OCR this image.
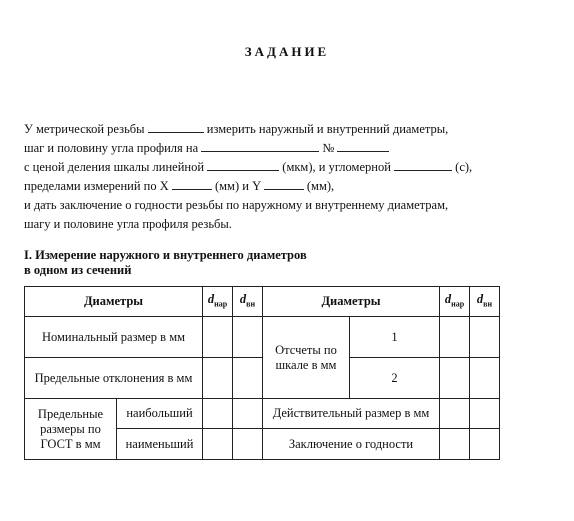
ЗАДАНИЕ
У метрической резьбы	измерить наружный и внутренний диаметры,
шаг и половину угла профиля на	№
с ценой деления шкалы линейной	(мкм), и угломерной	(c),
пределами измерений по X	(мм) и Y	(мм),
и дать заключение о годности резьбы по наружному и внутреннему диаметрам,
шагу и половине угла профиля резьбы.
I. Измерение наружного и внутреннего диаметров
в одном из сечений
Диаметры		$d_{нар}$	$d_{вн}$	Диаметры		$d_{нар}$	$d_{вн}$
Номинальный размер в мм				Отсчеты по шкале в мм	1		
Предельные отклонения в мм					2		
Предельные размеры по ГОСТ в мм	наибольший			Действительный размер в мм			
	наименьший			Заключение о годности			
